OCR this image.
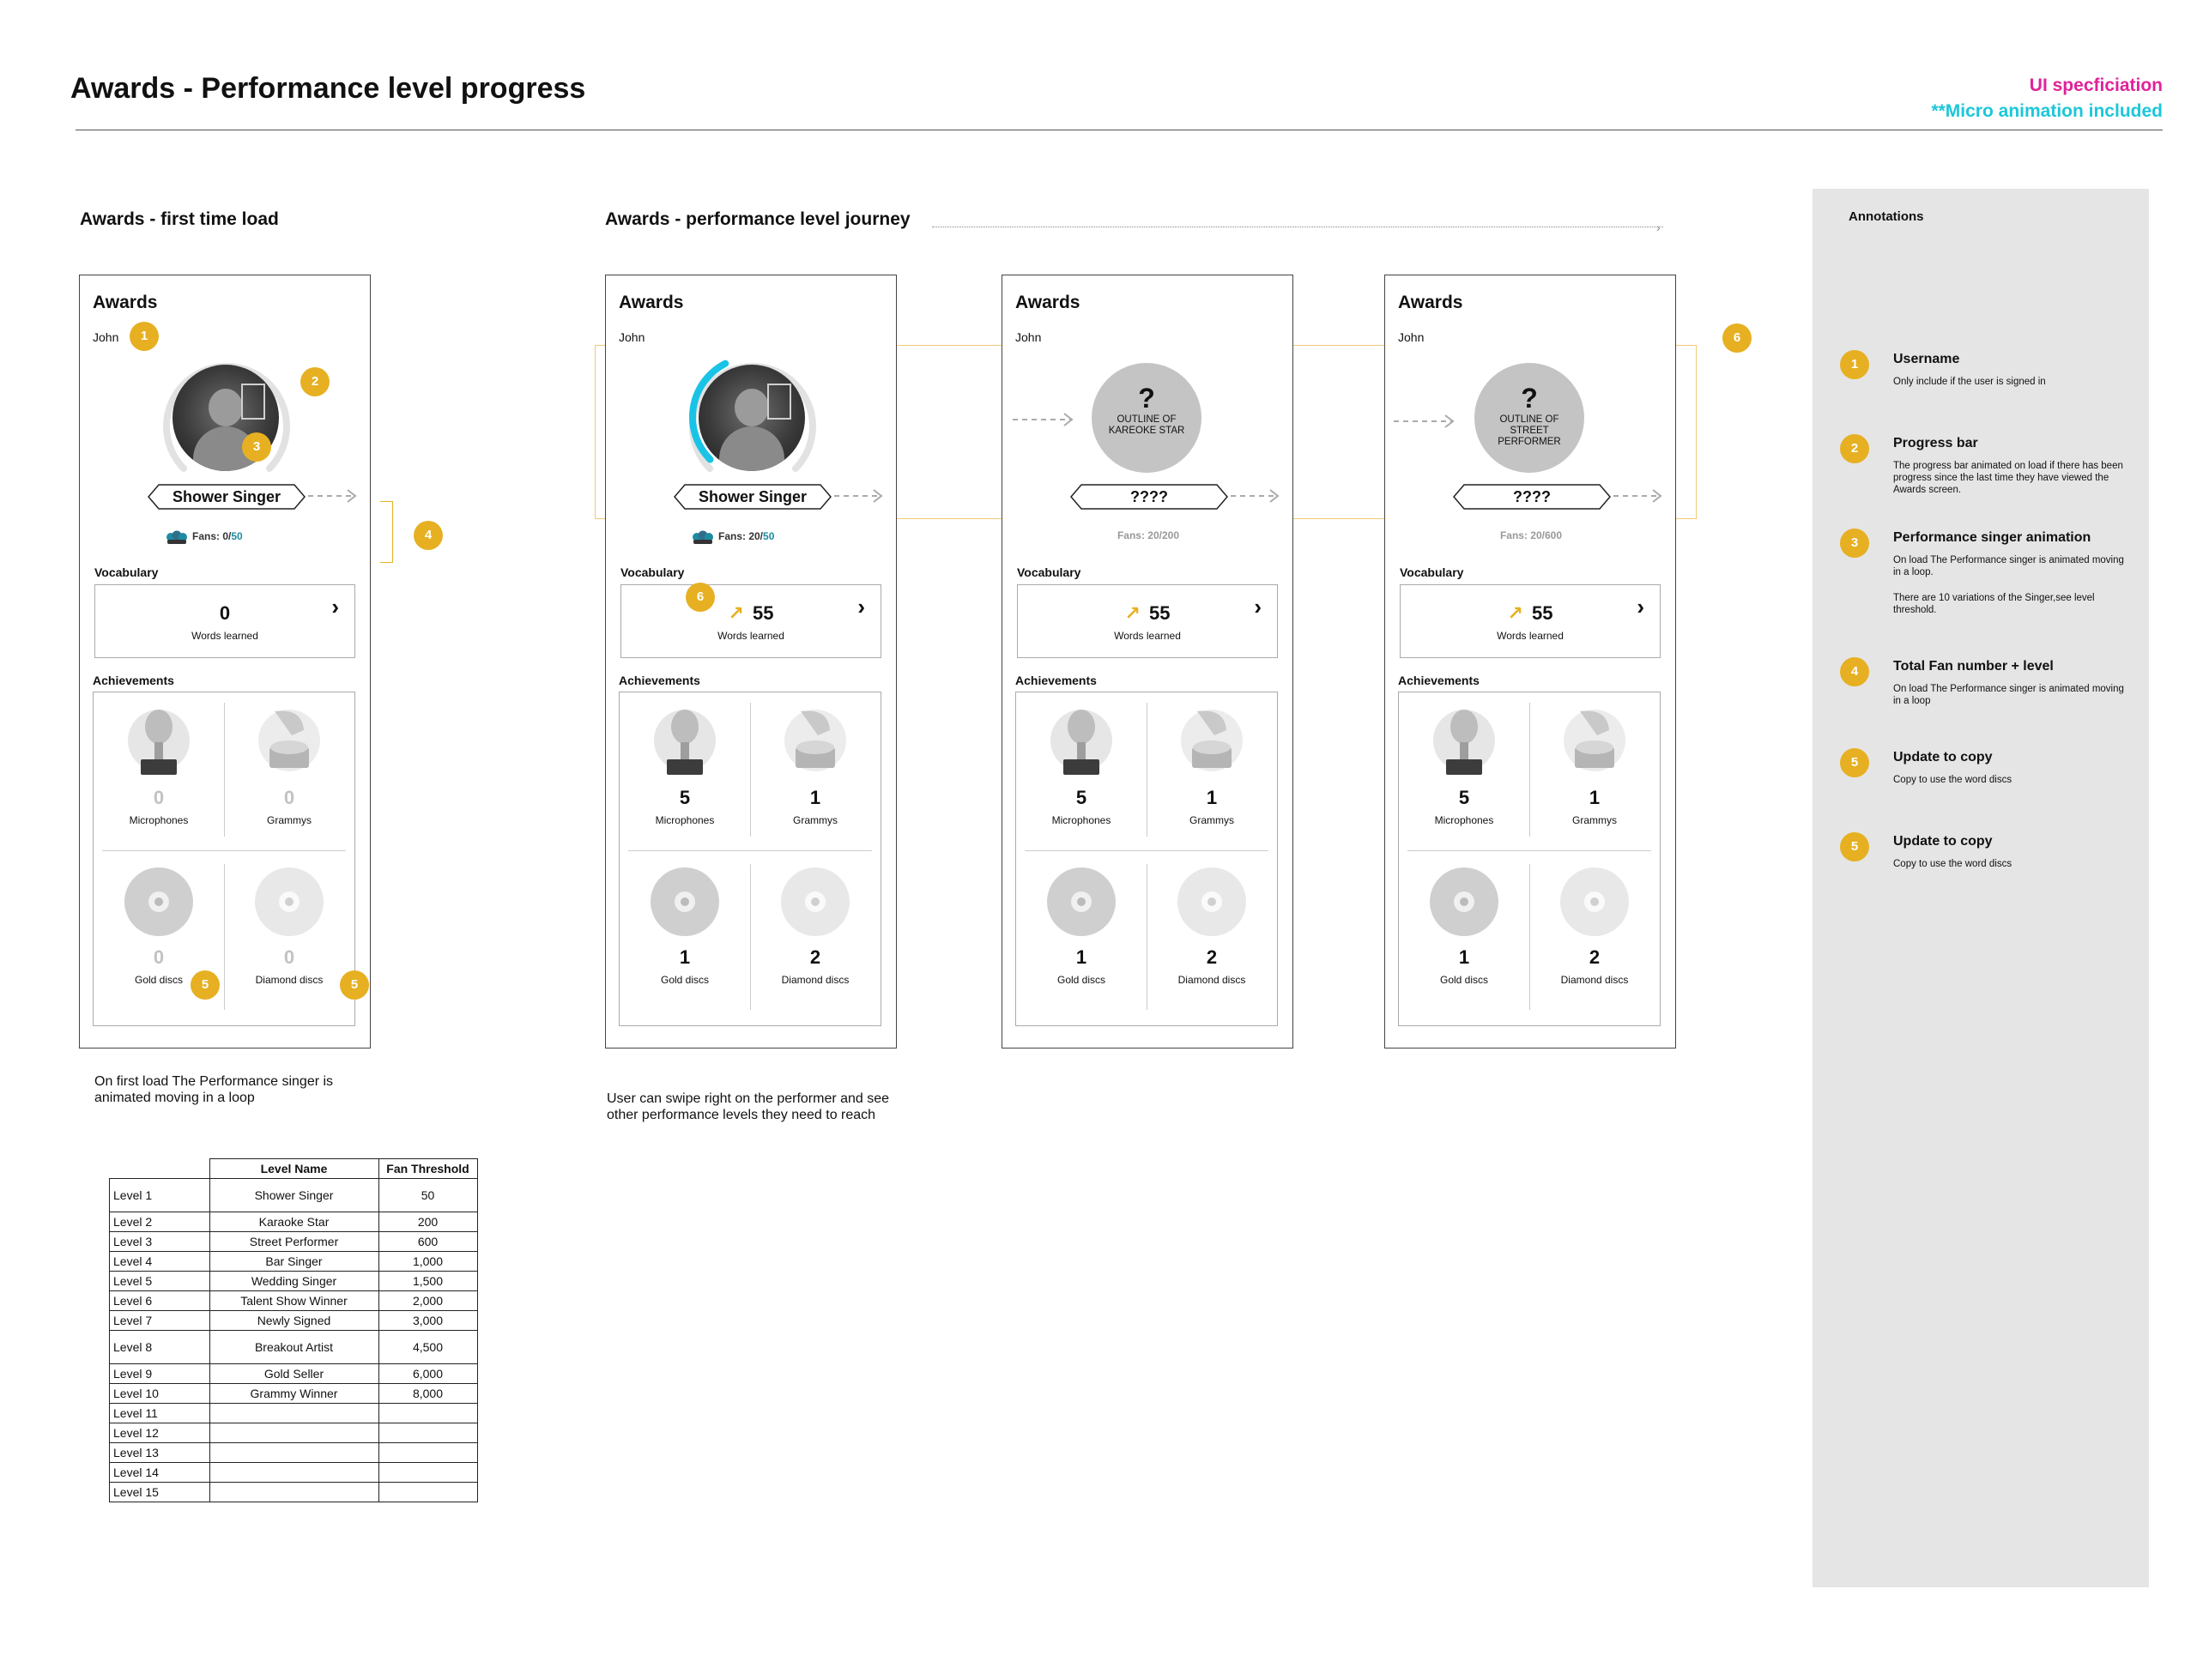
Awards - Performance level progress	UI specficiation
**Micro animation included
Awards - first time load	Awards - performance level journey	›
Awards
John
Shower Singer
Fans: 0/50
Vocabulary
0
Words learned
›
Achievements
0
Microphones
0
Grammys
0
Gold discs
0
Diamond discs
Awards
John
Shower Singer
Fans: 20/50
Vocabulary
↗ 55
Words learned
›
Achievements
5
Microphones
1
Grammys
1
Gold discs
2
Diamond discs
Awards
John
?
OUTLINE OF KAREOKE STAR
????
Fans: 20/200
Vocabulary
↗ 55
Words learned
›
Achievements
5
Microphones
1
Grammys
1
Gold discs
2
Diamond discs
Awards
John
?
OUTLINE OF STREET PERFORMER
????
Fans: 20/600
Vocabulary
↗ 55
Words learned
›
Achievements
5
Microphones
1
Grammys
1
Gold discs
2
Diamond discs
1
2
3
4
5	5
6
6
On first load The Performance singer is animated moving in a loop	User can swipe right on the performer and see other performance levels they need to reach
	Level Name	Fan Threshold
Level 1	Shower Singer	50
Level 2	Karaoke Star	200
Level 3	Street Performer	600
Level 4	Bar Singer	1,000
Level 5	Wedding Singer	1,500
Level 6	Talent Show Winner	2,000
Level 7	Newly Signed	3,000
Level 8	Breakout Artist	4,500
Level 9	Gold Seller	6,000
Level 10	Grammy Winner	8,000
Level 11		
Level 12		
Level 13		
Level 14		
Level 15		
Annotations
1	Username
Only include if the user is signed in
2	Progress bar
The progress bar animated on load if there has been progress since the last time they have viewed the Awards screen.
3	Performance singer animation
On load The Performance singer is animated moving in a loop.
There are 10 variations of the Singer,see level threshold.
4	Total Fan number + level
On load The Performance singer is animated moving in a loop
5	Update to copy
Copy to use the word discs
5	Update to copy
Copy to use the word discs
